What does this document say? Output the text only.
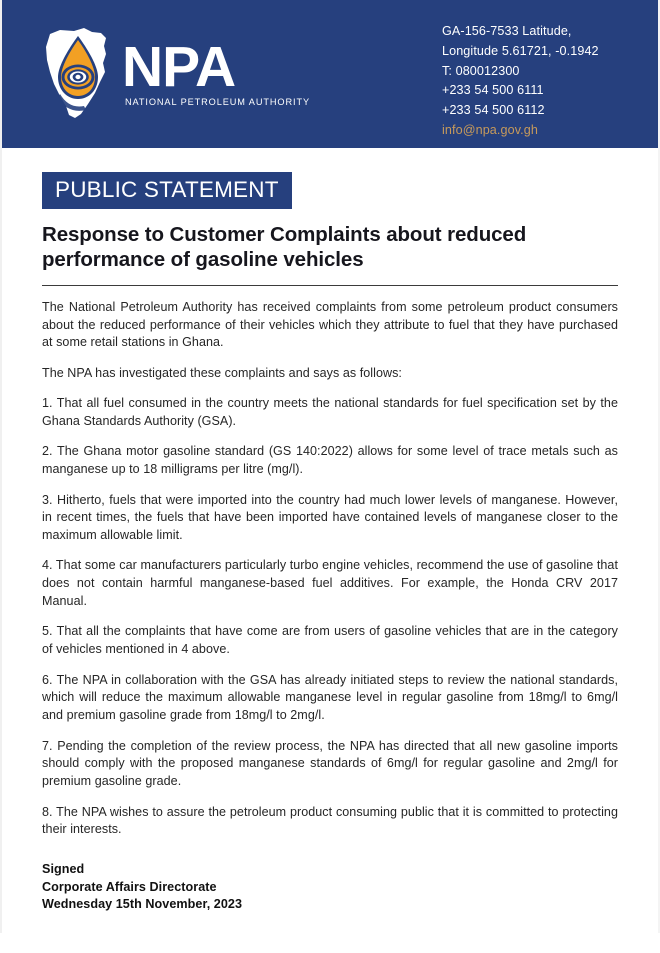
NPA
NATIONAL PETROLEUM AUTHORITY
GA-156-7533 Latitude,
Longitude 5.61721, -0.1942
T: 080012300
+233 54 500 6111
+233 54 500 6112
info@npa.gov.gh
PUBLIC STATEMENT
Response to Customer Complaints about reduced performance of gasoline vehicles

The National Petroleum Authority has received complaints from some petroleum product consumers about the reduced performance of their vehicles which they attribute to fuel that they have purchased at some retail stations in Ghana.

The NPA has investigated these complaints and says as follows:

1. That all fuel consumed in the country meets the national standards for fuel specification set by the Ghana Standards Authority (GSA).

2. The Ghana motor gasoline standard (GS 140:2022) allows for some level of trace metals such as manganese up to 18 milligrams per litre (mg/l).

3. Hitherto, fuels that were imported into the country had much lower levels of manganese. However, in recent times, the fuels that have been imported have contained levels of manganese closer to the maximum allowable limit.

4. That some car manufacturers particularly turbo engine vehicles, recommend the use of gasoline that does not contain harmful manganese-based fuel additives. For example, the Honda CRV 2017 Manual.

5. That all the complaints that have come are from users of gasoline vehicles that are in the category of vehicles mentioned in 4 above.

6. The NPA in collaboration with the GSA has already initiated steps to review the national standards, which will reduce the maximum allowable manganese level in regular gasoline from 18mg/l to 6mg/l and premium gasoline grade from 18mg/l to 2mg/l.

7. Pending the completion of the review process, the NPA has directed that all new gasoline imports should comply with the proposed manganese standards of 6mg/l for regular gasoline and 2mg/l for premium gasoline grade.

8. The NPA wishes to assure the petroleum product consuming public that it is committed to protecting their interests.

Signed
Corporate Affairs Directorate
Wednesday 15th November, 2023
